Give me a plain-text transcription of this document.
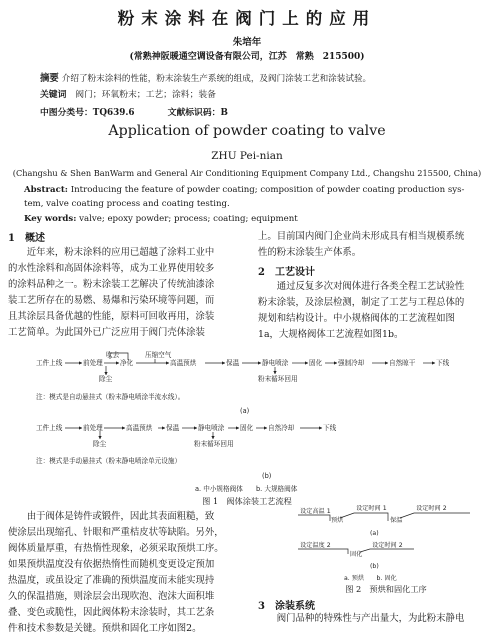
粉末涂料在阀门上的应用
朱培年
(常熟神阪暖通空调设备有限公司，江苏　常熟　215500)
摘要 介绍了粉末涂料的性能，粉末涂装生产系统的组成，及阀门涂装工艺和涂装试验。
关键词 阀门；环氧粉末；工艺；涂料；装备
中图分类号：TQ639.6	文献标识码：B
Application of powder coating to valve
ZHU Pei-nian
(Changshu & Shen BanWarm and General Air Conditioning Equipment Company Ltd., Changshu 215500, China)
Abstract: Introducing the feature of powder coating; composition of powder coating production sys-
tem, valve coating process and coating testing.
Key words: valve; epoxy powder; process; coating; equipment
1　概述
近年来，粉末涂料的应用已超越了涂料工业中
的水性涂料和高固体涂料等，成为工业界使用较多
的涂料品种之一。粉末涂装工艺解决了传统油漆涂
装工艺所存在的易燃、易爆和污染环境等问题，而
且其涂层具备优越的性能，原料可回收再用，涂装
工艺简单。为此国外已广泛应用于阀门壳体涂装
上。目前国内阀门企业尚未形成具有相当规模系统
性的粉末涂装生产体系。
2　工艺设计
通过反复多次对阀体进行各类全程工艺试验性
粉末涂装，及涂层检测，制定了工艺与工程总体的
规划和结构设计。中小规格阀体的工艺流程如图
1a，大规格阀体工艺流程如图1b。
工件上线	前处理
吹去
净化
压缩空气
高温预烘	保温	静电喷涂	固化 强制冷却	自然晾干	下线
除尘	粉末循环回用
注：模式是自动悬挂式（粉末静电喷涂半流水线）。
(a)
工件上线	前处理	高温预烘 保温	静电喷涂 固化 自然冷却	下线
除尘	粉末循环回用
注：模式是手动悬挂式（粉末静电喷涂单元设施）
(b)
a. 中小规格阀体　　b. 大规格阀体
图 1　阀体涂装工艺流程
由于阀体是铸件或锻件，因此其表面粗糙，致
使涂层出现缩孔、针眼和严重桔皮状等缺陷。另外，
阀体质量厚重，有热惰性现象，必须采取预烘工序。
如果预烘温度没有依据热惰性而随机变更设定预加
热温度，或虽设定了准确的预烘温度而未能实现持
久的保温措施，则涂层会出现吹泡、泡沫大面积堆
叠、变色或脆性，因此阀体粉末涂装时，其工艺条
件和技术参数是关键。预烘和固化工序如图2。
设定高温 1	设定时间 1	设定时间 2
预烘	保温
(a)
设定温度 2	设定时间 2
固化
(b)
a. 预烘　　b. 固化
图 2　预烘和固化工序
3　涂装系统
阀门品种的特殊性与产出量大，为此粉末静电
